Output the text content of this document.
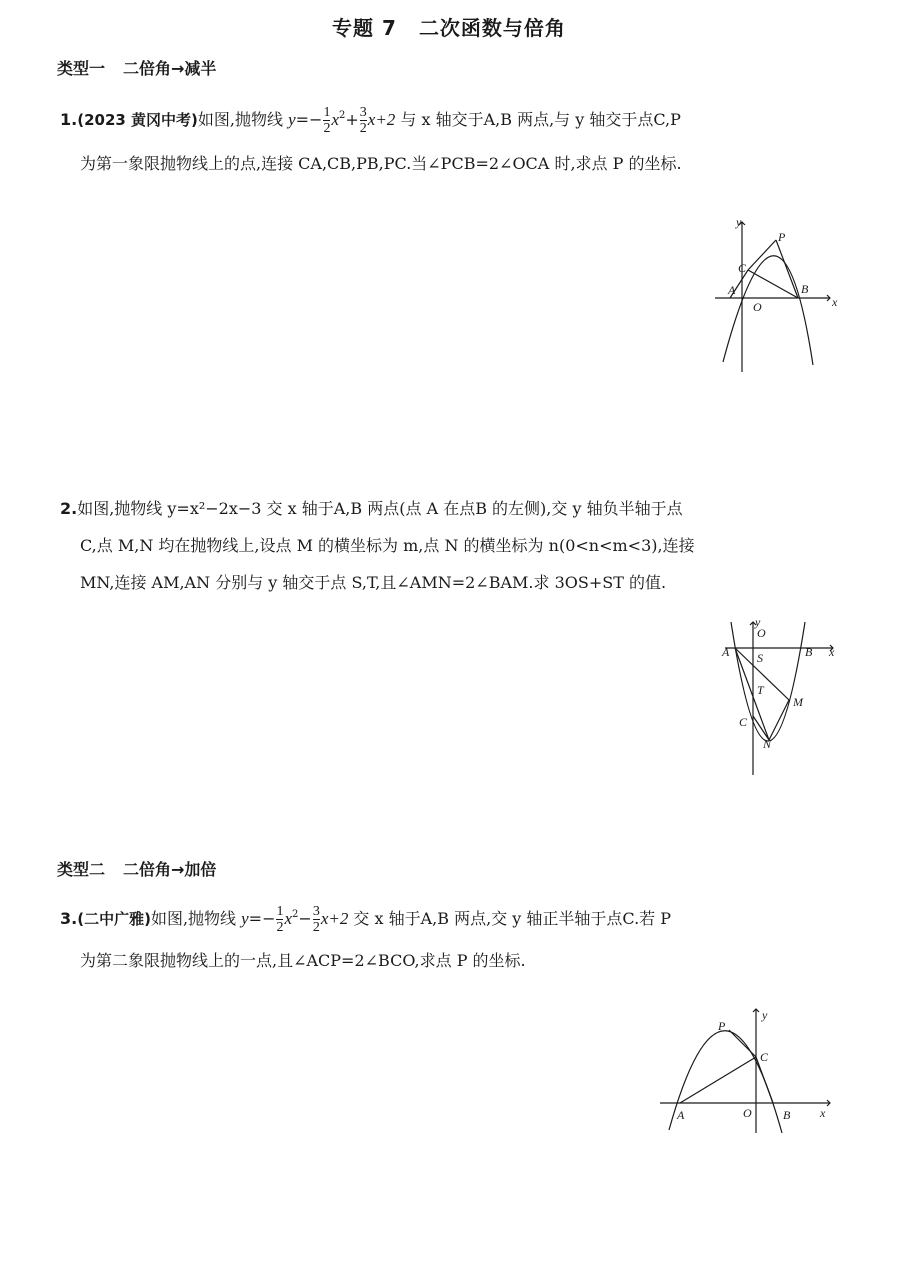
专题 7 二次函数与倍角
类型一 二倍角→减半
1.(2023 黄冈中考)如图,抛物线 $y=- \frac{1}{2} x^2+ \frac{3}{2} x+2$ 与 x 轴交于A,B 两点,与 y 轴交于点C,P
为第一象限抛物线上的点,连接 CA,CB,PB,PC.当∠PCB=2∠OCA 时,求点 P 的坐标.
y
x
O
A	B
C
P
2.如图,抛物线 y=x²−2x−3 交 x 轴于A,B 两点(点 A 在点B 的左侧),交 y 轴负半轴于点
C,点 M,N 均在抛物线上,设点 M 的横坐标为 m,点 N 的横坐标为 n(0<n<m<3),连接
MN,连接 AM,AN 分别与 y 轴交于点 S,T,且∠AMN=2∠BAM.求 3OS+ST 的值.
O
y
x
A	B
S
T
M
C
N
类型二 二倍角→加倍
3.(二中广雅)如图,抛物线 $y=- \frac{1}{2} x^2- \frac{3}{2} x+2$ 交 x 轴于A,B 两点,交 y 轴正半轴于点C.若 P
为第二象限抛物线上的一点,且∠ACP=2∠BCO,求点 P 的坐标.
y
x
O
A	B
C
P
